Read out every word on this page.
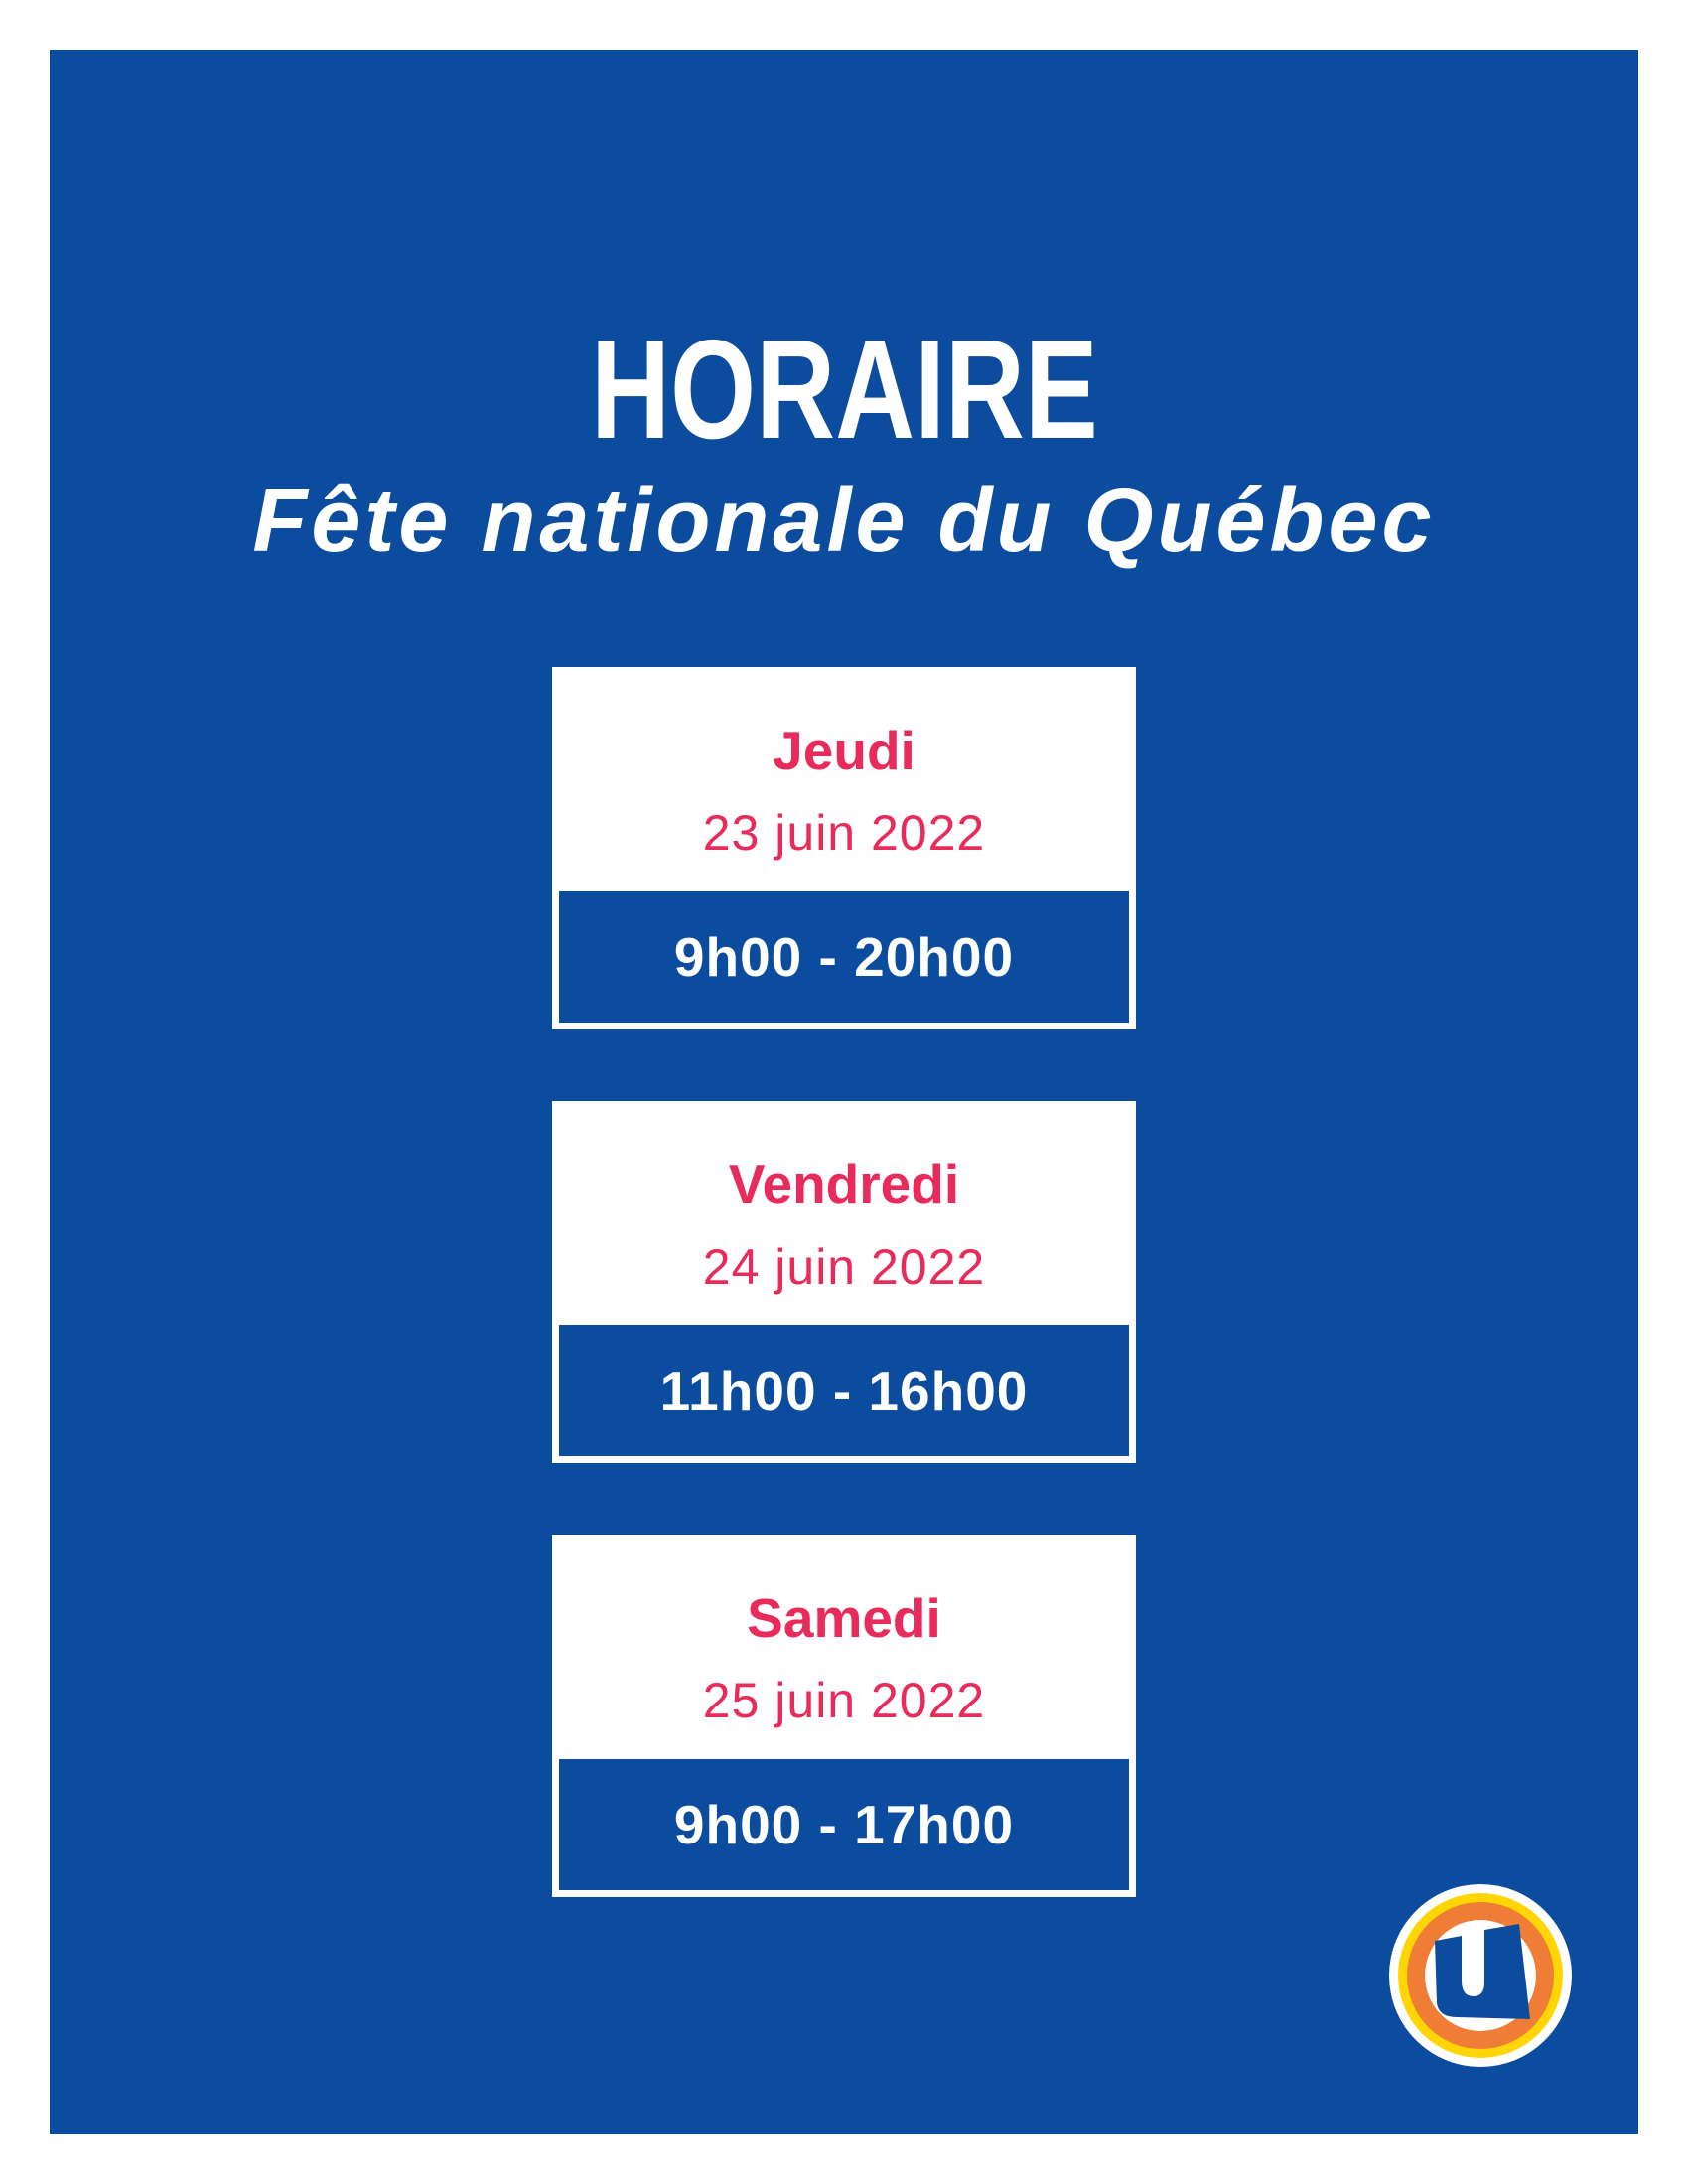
HORAIRE
Fête nationale du Québec
Jeudi
23 juin 2022
9h00 - 20h00
Vendredi
24 juin 2022
11h00 - 16h00
Samedi
25 juin 2022
9h00 - 17h00
